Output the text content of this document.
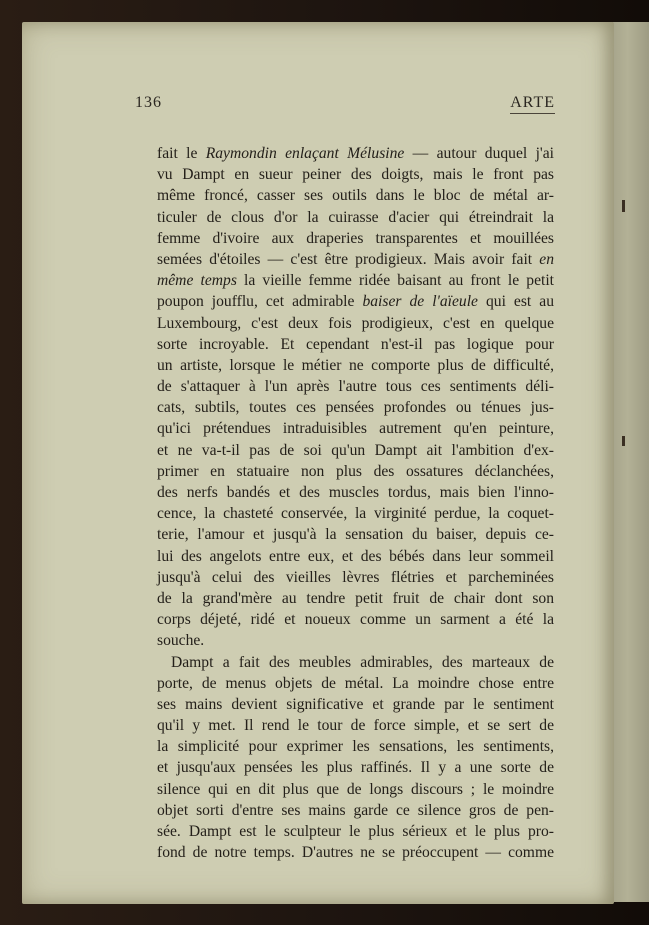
136	ARTE
fait le Raymondin enlaçant Mélusine — autour duquel j'ai
vu Dampt en sueur peiner des doigts, mais le front pas
même froncé, casser ses outils dans le bloc de métal ar-
ticuler de clous d'or la cuirasse d'acier qui étreindrait la
femme d'ivoire aux draperies transparentes et mouillées
semées d'étoiles — c'est être prodigieux. Mais avoir fait en
même temps la vieille femme ridée baisant au front le petit
poupon joufflu, cet admirable baiser de l'aïeule qui est au
Luxembourg, c'est deux fois prodigieux, c'est en quelque
sorte incroyable. Et cependant n'est-il pas logique pour
un artiste, lorsque le métier ne comporte plus de difficulté,
de s'attaquer à l'un après l'autre tous ces sentiments déli-
cats, subtils, toutes ces pensées profondes ou ténues jus-
qu'ici prétendues intraduisibles autrement qu'en peinture,
et ne va-t-il pas de soi qu'un Dampt ait l'ambition d'ex-
primer en statuaire non plus des ossatures déclanchées,
des nerfs bandés et des muscles tordus, mais bien l'inno-
cence, la chasteté conservée, la virginité perdue, la coquet-
terie, l'amour et jusqu'à la sensation du baiser, depuis ce-
lui des angelots entre eux, et des bébés dans leur sommeil
jusqu'à celui des vieilles lèvres flétries et parcheminées
de la grand'mère au tendre petit fruit de chair dont son
corps déjeté, ridé et noueux comme un sarment a été la
souche.
Dampt a fait des meubles admirables, des marteaux de
porte, de menus objets de métal. La moindre chose entre
ses mains devient significative et grande par le sentiment
qu'il y met. Il rend le tour de force simple, et se sert de
la simplicité pour exprimer les sensations, les sentiments,
et jusqu'aux pensées les plus raffinés. Il y a une sorte de
silence qui en dit plus que de longs discours ; le moindre
objet sorti d'entre ses mains garde ce silence gros de pen-
sée. Dampt est le sculpteur le plus sérieux et le plus pro-
fond de notre temps. D'autres ne se préoccupent — comme
